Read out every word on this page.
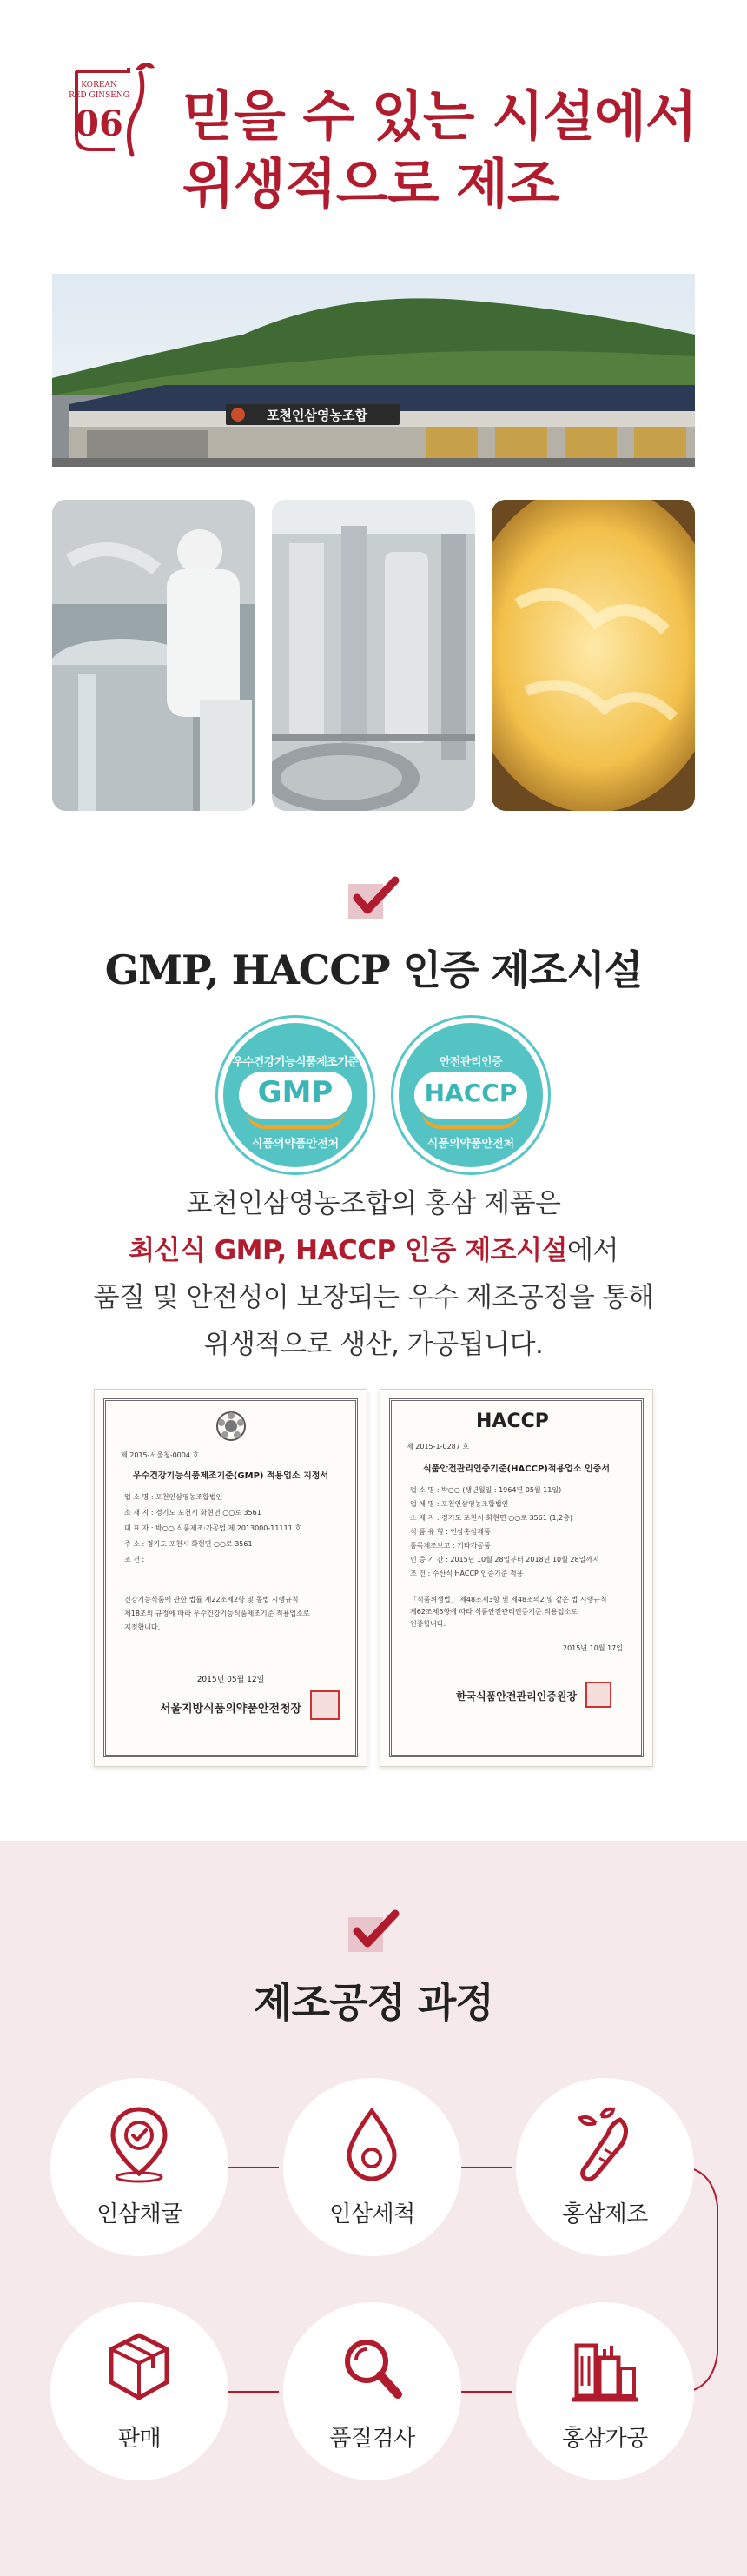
KOREAN
RED GINSENG
06 믿을 수 있는 시설에서
위생적으로 제조
포천인삼영농조합
GMP, HACCP 인증 제조시설
우수건강기능식품제조기준
GMP
식품의약품안전처
안전관리인증
HACCP
식품의약품안전처

포천인삼영농조합의 홍삼 제품은

최신식 GMP, HACCP 인증 제조시설에서

품질 및 안전성이 보장되는 우수 제조공정을 통해

위생적으로 생산, 가공됩니다.

제 2015-서울청-0004 호
우수건강기능식품제조기준(GMP) 적용업소 지정서
업 소 명 : 포천인삼영농조합법인
소 재 지 : 경기도 포천시 화현면 ○○로 3561
대 표 자 : 박○○ 식품제조·가공업 제 2013000-11111 호
주 소 : 경기도 포천시 화현면 ○○로 3561
조 건 :
건강기능식품에 관한 법률 제22조제2항 및 동법 시행규칙
제18조의 규정에 따라 우수건강기능식품제조기준 적용업소로
지정합니다.
2015년 05월 12일
서울지방식품의약품안전청장
HACCP
제 2015-1-0287 호
식품안전관리인증기준(HACCP)적용업소 인증서
업 소 명 : 박○○ (생년월일 : 1964년 05월 11일)
업 체 명 : 포천인삼영농조합법인
소 재 지 : 경기도 포천시 화현면 ○○로 3561 (1,2층)
식 품 유 형 : 인삼홍삼제품
품목제조보고 : 기타가공품
인 증 기 간 : 2015년 10월 28일부터 2018년 10월 28일까지
조 건 : 수산식 HACCP 인증기준 적용
「식품위생법」 제48조제3항 및 제48조의2 및 같은 법 시행규칙
제62조제5항에 따라 식품안전관리인증기준 적용업소로
인증합니다.
2015년 10월 17일
한국식품안전관리인증원장
제조공정 과정
인삼채굴	인삼세척	홍삼제조
홍삼가공
품질검사
판매
